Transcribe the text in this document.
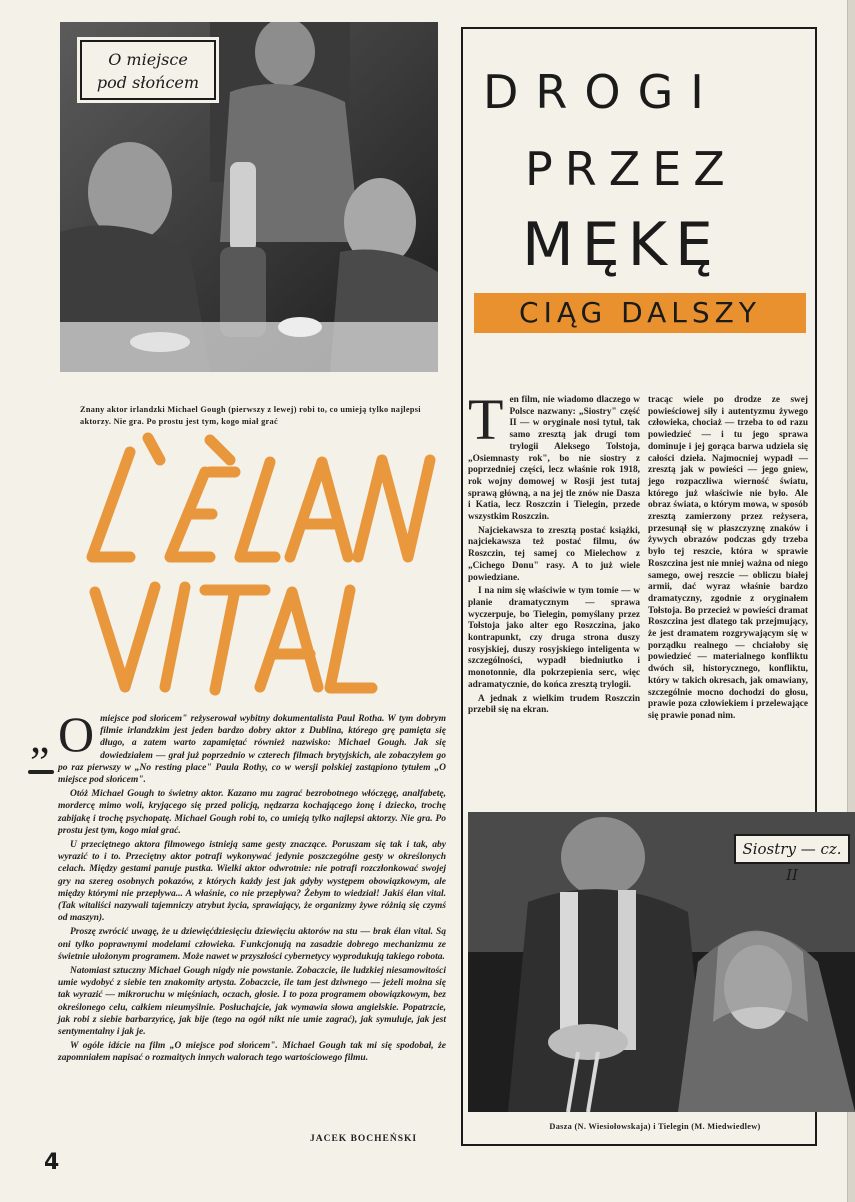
O miejsce
pod słońcem
Znany aktor irlandzki Michael Gough (pierwszy z lewej) robi to, co umieją tylko najlepsi aktorzy. Nie gra. Po prostu jest tym, kogo miał grać
„ Omiejsce pod słońcem" reżyserował wybitny dokumentalista Paul Rotha. W tym dobrym filmie irlandzkim jest jeden bardzo dobry aktor z Dublina, którego grę pamięta się długo, a zatem warto zapamiętać również nazwisko: Michael Gough. Jak się dowiedziałem — grał już poprzednio w czterech filmach brytyjskich, ale zobaczyłem go po raz pierwszy w „No resting place" Paula Rothy, co w wersji polskiej zastąpiono tytułem „O miejsce pod słońcem".

Otóż Michael Gough to świetny aktor. Kazano mu zagrać bezrobotnego włóczęgę, analfabetę, mordercę mimo woli, kryjącego się przed policją, nędzarza kochającego żonę i dziecko, trochę zabijakę i trochę psychopatę. Michael Gough robi to, co umieją tylko najlepsi aktorzy. Nie gra. Po prostu jest tym, kogo miał grać.

U przeciętnego aktora filmowego istnieją same gesty znaczące. Poruszam się tak i tak, aby wyrazić to i to. Przeciętny aktor potrafi wykonywać jedynie poszczególne gesty w określonych celach. Między gestami panuje pustka. Wielki aktor odwrotnie: nie potrafi rozczłonkować swojej gry na szereg osobnych pokazów, z których każdy jest jak gdyby występem obowiązkowym, ale między którymi nie przepływa... A właśnie, co nie przepływa? Żebym to wiedział! Jakiś élan vital. (Tak witaliści nazywali tajemniczy atrybut życia, sprawiający, że organizmy żywe różnią się czymś od maszyn).

Proszę zwrócić uwagę, że u dziewięćdziesięciu dziewięciu aktorów na stu — brak élan vital. Są oni tylko poprawnymi modelami człowieka. Funkcjonują na zasadzie dobrego mechanizmu ze świetnie ułożonym programem. Może nawet w przyszłości cybernetycy wyprodukują takiego robota.

Natomiast sztuczny Michael Gough nigdy nie powstanie. Zobaczcie, ile ludzkiej niesamowitości umie wydobyć z siebie ten znakomity artysta. Zobaczcie, ile tam jest dziwnego — jeżeli można się tak wyrazić — mikroruchu w mięśniach, oczach, głosie. I to poza programem obowiązkowym, bez określonego celu, całkiem nieumyślnie. Posłuchajcie, jak wymawia słowa angielskie. Popatrzcie, jak robi z siebie barbarzyńcę, jak bije (tego na ogół nikt nie umie zagrać), jak symuluje, jak jest sentymentalny i jak je.

W ogóle idźcie na film „O miejsce pod słońcem". Michael Gough tak mi się spodobał, że zapomniałem napisać o rozmaitych innych walorach tego wartościowego filmu.

JACEK BOCHEŃSKI
4
DROGI
PRZEZ
MĘKĘ
CIĄG DALSZY

Ten film, nie wiadomo dlaczego w Polsce nazwany: „Siostry" część II — w oryginale nosi tytuł, tak samo zresztą jak drugi tom trylogii Aleksego Tołstoja, „Osiemnasty rok", bo nie siostry z poprzedniej części, lecz właśnie rok 1918, rok wojny domowej w Rosji jest tutaj sprawą główną, a na jej tle znów nie Dasza i Katia, lecz Roszczin i Tielegin, przede wszystkim Roszczin.

Najciekawsza to zresztą postać książki, najciekawsza też postać filmu, ów Roszczin, tej samej co Mielechow z „Cichego Donu" rasy. A to już wiele powiedziane.

I na nim się właściwie w tym tomie — w planie dramatycznym — sprawa wyczerpuje, bo Tielegin, pomyślany przez Tołstoja jako alter ego Roszczina, jako kontrapunkt, czy druga strona duszy rosyjskiej, duszy rosyjskiego inteligenta w szczególności, wypadł biedniutko i monotonnie, dla pokrzepienia serc, więc adramatycznie, do końca zresztą trylogii.

A jednak z wielkim trudem Roszczin przebił się na ekran.

tracąc wiele po drodze ze swej powieściowej siły i autentyzmu żywego człowieka, chociaż — trzeba to od razu powiedzieć — i tu jego sprawa dominuje i jej gorąca barwa udziela się całości dzieła. Najmocniej wypadł — zresztą jak w powieści — jego gniew, jego rozpaczliwa wierność światu, którego już właściwie nie było. Ale obraz świata, o którym mowa, w sposób zresztą zamierzony przez reżysera, przesunął się w płaszczyznę znaków i żywych obrazów podczas gdy trzeba było tej reszcie, która w sprawie Roszczina jest nie mniej ważna od niego samego, owej reszcie — obliczu białej armii, dać wyraz właśnie bardzo dramatyczny, zgodnie z oryginałem Tołstoja. Bo przecież w powieści dramat Roszczina jest dlatego tak przejmujący, że jest dramatem rozgrywającym się w porządku realnego — chciałoby się powiedzieć — materialnego konfliktu dwóch sił, historycznego, konfliktu, który w takich okresach, jak omawiany, szczególnie mocno dochodzi do głosu, prawie poza człowiekiem i przelewające się prawie ponad nim.

Siostry — cz. II
Dasza (N. Wiesiołowskaja) i Tielegin (M. Miedwiedlew)
